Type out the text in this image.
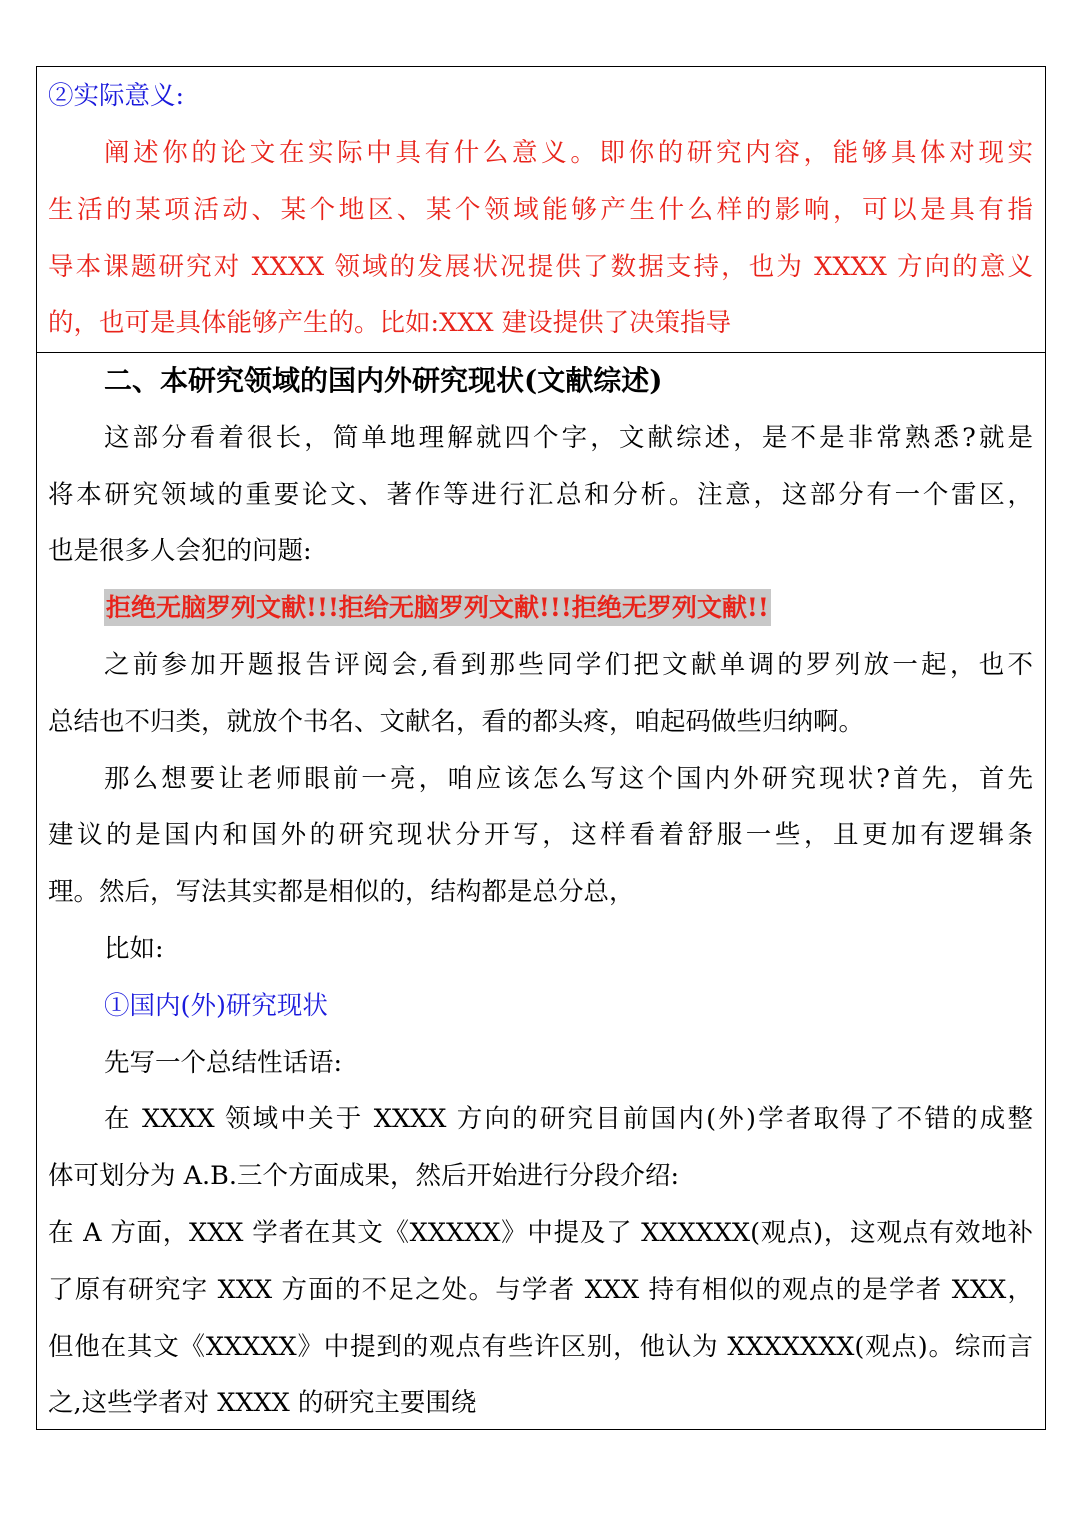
②实际意义:
阐述你的论文在实际中具有什么意义。即你的研究内容，能够具体对现实
生活的某项活动、某个地区、某个领域能够产生什么样的影响，可以是具有指
导本课题研究对 XXXX 领域的发展状况提供了数据支持，也为 XXXX 方向的意义
的，也可是具体能够产生的。比如:XXX 建设提供了决策指导
二、本研究领域的国内外研究现状(文献综述)
这部分看着很长，简单地理解就四个字，文献综述，是不是非常熟悉?就是
将本研究领域的重要论文、著作等进行汇总和分析。注意，这部分有一个雷区，
也是很多人会犯的问题:
拒绝无脑罗列文献!!!拒给无脑罗列文献!!!拒绝无罗列文献!!
之前参加开题报告评阅会,看到那些同学们把文献单调的罗列放一起，也不
总结也不归类，就放个书名、文献名，看的都头疼，咱起码做些归纳啊。
那么想要让老师眼前一亮，咱应该怎么写这个国内外研究现状?首先，首先
建议的是国内和国外的研究现状分开写，这样看着舒服一些，且更加有逻辑条
理。然后，写法其实都是相似的，结构都是总分总，
比如:
①国内(外)研究现状
先写一个总结性话语:
在 XXXX 领域中关于 XXXX 方向的研究目前国内(外)学者取得了不错的成整
体可划分为 A.B.三个方面成果，然后开始进行分段介绍:
在 A 方面，XXX 学者在其文《XXXXX》中提及了 XXXXXX(观点)，这观点有效地补
了原有研究字 XXX 方面的不足之处。与学者 XXX 持有相似的观点的是学者 XXX，
但他在其文《XXXXX》中提到的观点有些许区别，他认为 XXXXXXX(观点)。综而言
之,这些学者对 XXXX 的研究主要围绕
